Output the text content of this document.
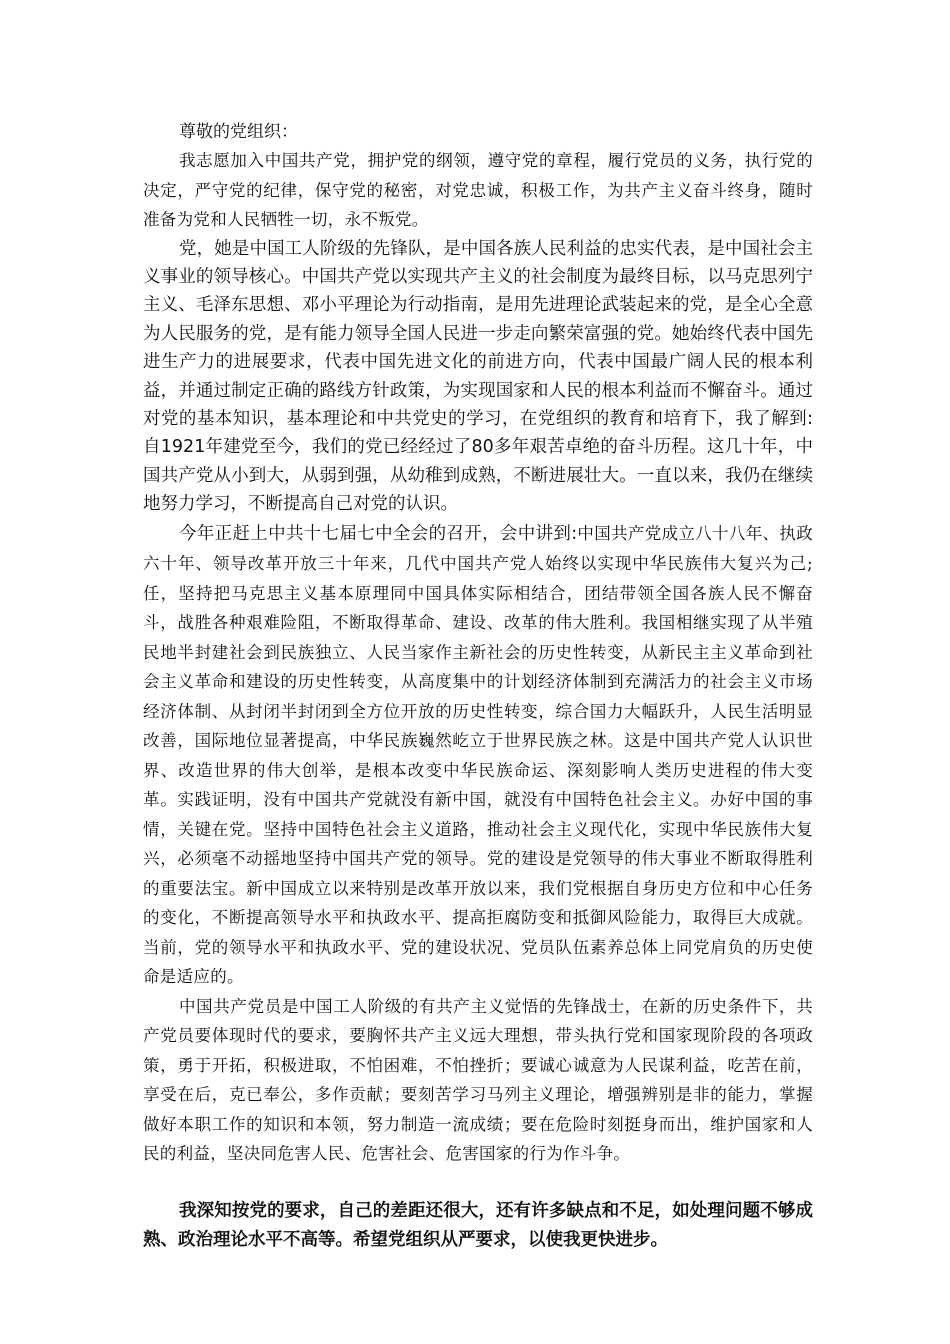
尊敬的党组织：

我志愿加入中国共产党，拥护党的纲领，遵守党的章程，履行党员的义务，执行党的决定，严守党的纪律，保守党的秘密，对党忠诚，积极工作，为共产主义奋斗终身，随时准备为党和人民牺牲一切，永不叛党。

党，她是中国工人阶级的先锋队，是中国各族人民利益的忠实代表，是中国社会主义事业的领导核心。中国共产党以实现共产主义的社会制度为最终目标，以马克思列宁主义、毛泽东思想、邓小平理论为行动指南，是用先进理论武装起来的党，是全心全意为人民服务的党，是有能力领导全国人民进一步走向繁荣富强的党。她始终代表中国先进生产力的进展要求，代表中国先进文化的前进方向，代表中国最广阔人民的根本利益，并通过制定正确的路线方针政策，为实现国家和人民的根本利益而不懈奋斗。通过对党的基本知识，基本理论和中共党史的学习，在党组织的教育和培育下，我了解到:自1921年建党至今，我们的党已经经过了80多年艰苦卓绝的奋斗历程。这几十年，中国共产党从小到大，从弱到强，从幼稚到成熟，不断进展壮大。一直以来，我仍在继续地努力学习，不断提高自己对党的认识。

今年正赶上中共十七届七中全会的召开，会中讲到:中国共产党成立八十八年、执政六十年、领导改革开放三十年来，几代中国共产党人始终以实现中华民族伟大复兴为己;任，坚持把马克思主义基本原理同中国具体实际相结合，团结带领全国各族人民不懈奋斗，战胜各种艰难险阻，不断取得革命、建设、改革的伟大胜利。我国相继实现了从半殖民地半封建社会到民族独立、人民当家作主新社会的历史性转变，从新民主主义革命到社会主义革命和建设的历史性转变，从高度集中的计划经济体制到充满活力的社会主义市场经济体制、从封闭半封闭到全方位开放的历史性转变，综合国力大幅跃升，人民生活明显改善，国际地位显著提高，中华民族巍然屹立于世界民族之林。这是中国共产党人认识世界、改造世界的伟大创举，是根本改变中华民族命运、深刻影响人类历史进程的伟大变革。实践证明，没有中国共产党就没有新中国，就没有中国特色社会主义。办好中国的事情，关键在党。坚持中国特色社会主义道路，推动社会主义现代化，实现中华民族伟大复兴，必须毫不动摇地坚持中国共产党的领导。党的建设是党领导的伟大事业不断取得胜利的重要法宝。新中国成立以来特别是改革开放以来，我们党根据自身历史方位和中心任务的变化，不断提高领导水平和执政水平、提高拒腐防变和抵御风险能力，取得巨大成就。当前，党的领导水平和执政水平、党的建设状况、党员队伍素养总体上同党肩负的历史使命是适应的。

中国共产党员是中国工人阶级的有共产主义觉悟的先锋战士，在新的历史条件下，共产党员要体现时代的要求，要胸怀共产主义远大理想，带头执行党和国家现阶段的各项政策，勇于开拓，积极进取，不怕困难，不怕挫折；要诚心诚意为人民谋利益，吃苦在前，享受在后，克已奉公，多作贡献；要刻苦学习马列主义理论，增强辨别是非的能力，掌握做好本职工作的知识和本领，努力制造一流成绩；要在危险时刻挺身而出，维护国家和人民的利益，坚决同危害人民、危害社会、危害国家的行为作斗争。

我深知按党的要求，自己的差距还很大，还有许多缺点和不足，如处理问题不够成熟、政治理论水平不高等。希望党组织从严要求，以使我更快进步。
